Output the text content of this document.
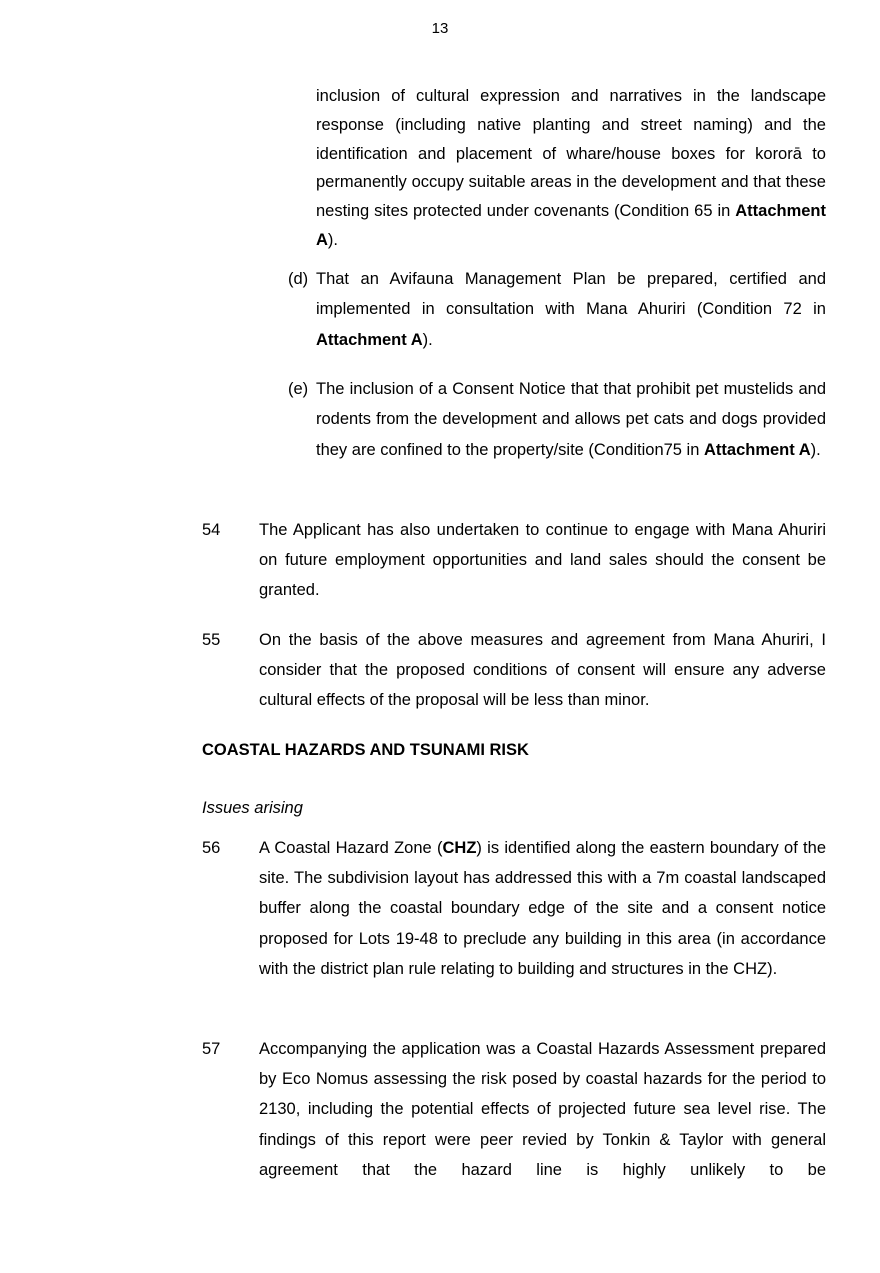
13
inclusion of cultural expression and narratives in the landscape response (including native planting and street naming) and the identification and placement of whare/house boxes for kororā to permanently occupy suitable areas in the development and that these nesting sites protected under covenants (Condition 65 in Attachment A).
(d) That an Avifauna Management Plan be prepared, certified and implemented in consultation with Mana Ahuriri (Condition 72 in Attachment A).
(e) The inclusion of a Consent Notice that that prohibit pet mustelids and rodents from the development and allows pet cats and dogs provided they are confined to the property/site (Condition75 in Attachment A).
54	The Applicant has also undertaken to continue to engage with Mana Ahuriri on future employment opportunities and land sales should the consent be granted.
55	On the basis of the above measures and agreement from Mana Ahuriri, I consider that the proposed conditions of consent will ensure any adverse cultural effects of the proposal will be less than minor.
COASTAL HAZARDS AND TSUNAMI RISK
Issues arising
56	A Coastal Hazard Zone (CHZ) is identified along the eastern boundary of the site. The subdivision layout has addressed this with a 7m coastal landscaped buffer along the coastal boundary edge of the site and a consent notice proposed for Lots 19-48 to preclude any building in this area (in accordance with the district plan rule relating to building and structures in the CHZ).
57	Accompanying the application was a Coastal Hazards Assessment prepared by Eco Nomus assessing the risk posed by coastal hazards for the period to 2130, including the potential effects of projected future sea level rise. The findings of this report were peer revied by Tonkin & Taylor with general agreement that the hazard line is highly unlikely to be
